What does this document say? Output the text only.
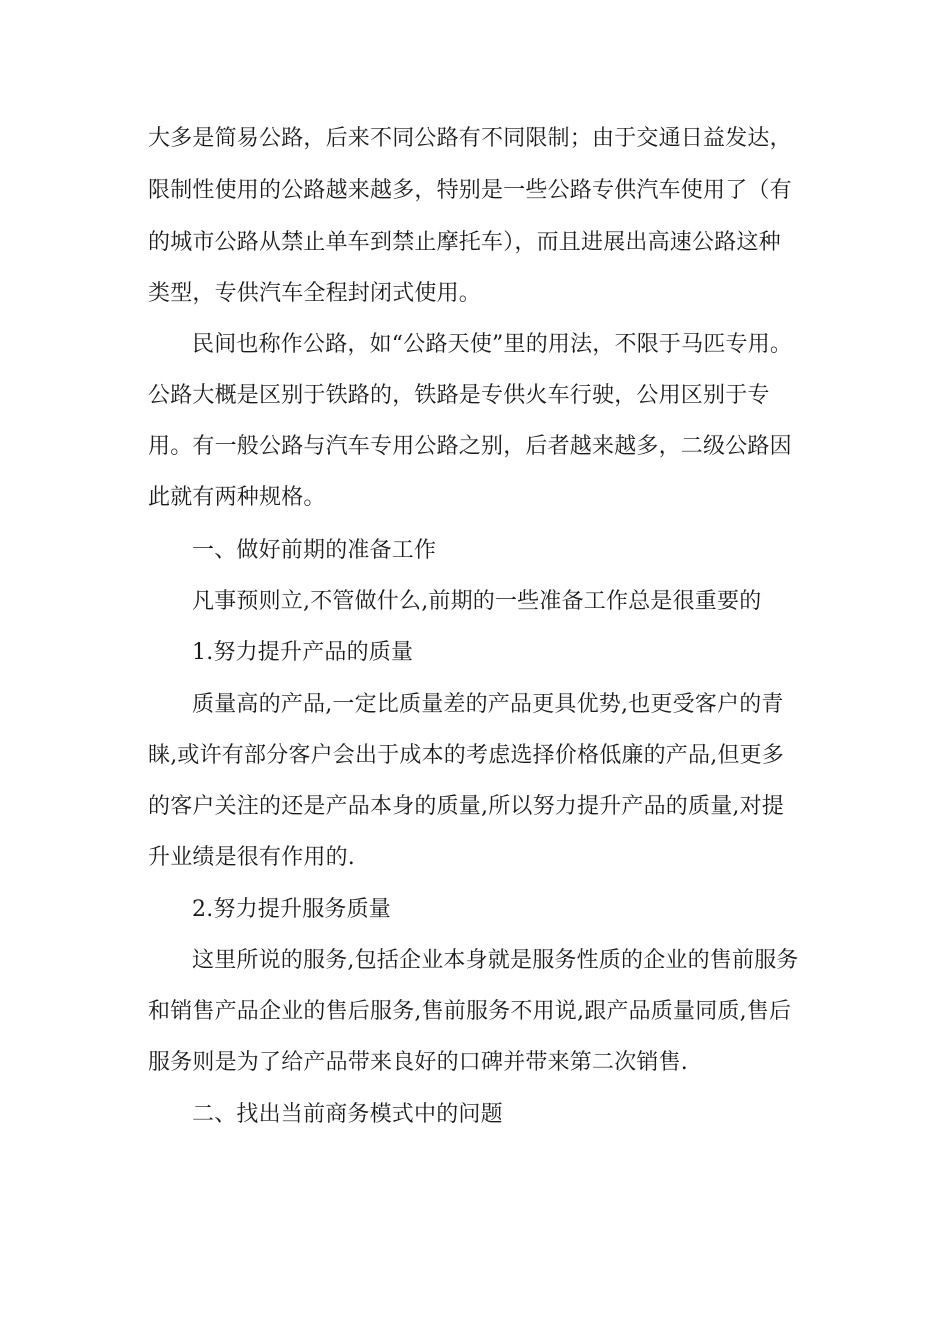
大多是简易公路，后来不同公路有不同限制；由于交通日益发达，
限制性使用的公路越来越多，特别是一些公路专供汽车使用了（有
的城市公路从禁止单车到禁止摩托车），而且进展出高速公路这种
类型，专供汽车全程封闭式使用。
民间也称作公路，如“公路天使”里的用法，不限于马匹专用。
公路大概是区别于铁路的，铁路是专供火车行驶，公用区别于专
用。有一般公路与汽车专用公路之别，后者越来越多，二级公路因
此就有两种规格。
一、做好前期的准备工作
凡事预则立,不管做什么,前期的一些准备工作总是很重要的
1.努力提升产品的质量
质量高的产品,一定比质量差的产品更具优势,也更受客户的青
睐,或许有部分客户会出于成本的考虑选择价格低廉的产品,但更多
的客户关注的还是产品本身的质量,所以努力提升产品的质量,对提
升业绩是很有作用的.
2.努力提升服务质量
这里所说的服务,包括企业本身就是服务性质的企业的售前服务
和销售产品企业的售后服务,售前服务不用说,跟产品质量同质,售后
服务则是为了给产品带来良好的口碑并带来第二次销售.
二、找出当前商务模式中的问题
